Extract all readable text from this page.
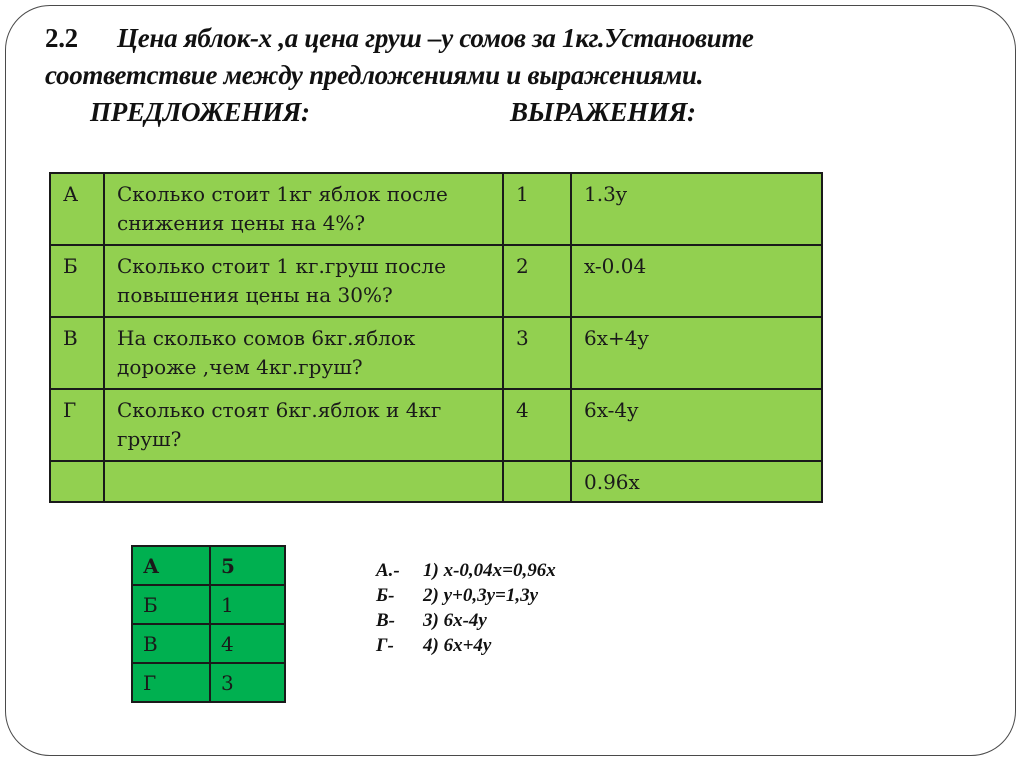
2.2 Цена яблок-х ,а цена груш –у сомов за 1кг.Установите
соответствие между предложениями и выражениями.
ПРЕДЛОЖЕНИЯ:	ВЫРАЖЕНИЯ:
А	Сколько стоит 1кг яблок после снижения цены на 4%?	1	1.3y
Б	Сколько стоит 1 кг.груш после повышения цены на 30%?	2	x-0.04
В	На сколько сомов 6кг.яблок дороже ,чем 4кг.груш?	3	6x+4y
Г	Сколько стоят 6кг.яблок и 4кг груш?	4	6x-4y
			0.96x
А	5
Б	1
В	4
Г	3
А.- 1) x-0,04x=0,96x
Б- 2) y+0,3y=1,3y
В- 3) 6x-4y
Г- 4) 6x+4y
